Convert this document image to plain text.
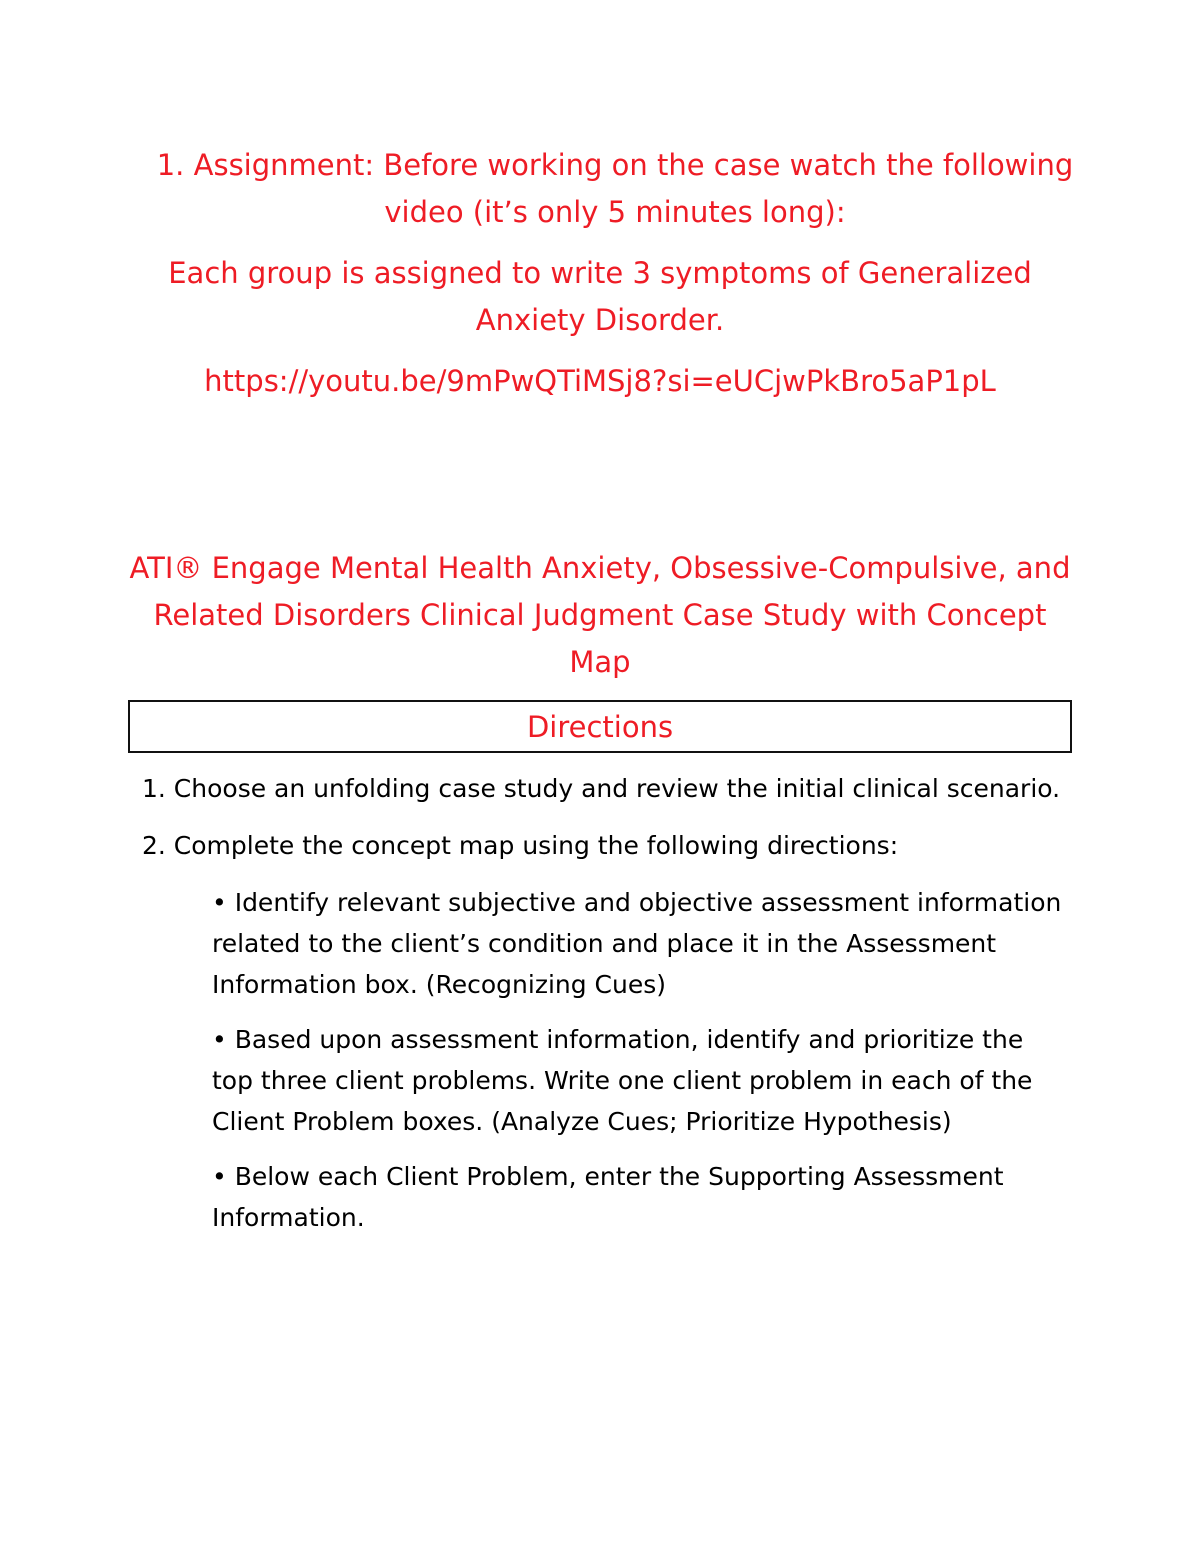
1. Assignment: Before working on the case watch the following video (it’s only 5 minutes long):
Each group is assigned to write 3 symptoms of Generalized Anxiety Disorder.
https://youtu.be/9mPwQTiMSj8?si=eUCjwPkBro5aP1pL
ATI® Engage Mental Health Anxiety, Obsessive-Compulsive, and Related Disorders Clinical Judgment Case Study with Concept Map
Directions

1. Choose an unfolding case study and review the initial clinical scenario.

2. Complete the concept map using the following directions:

• Identify relevant subjective and objective assessment information related to the client’s condition and place it in the Assessment Information box. (Recognizing Cues)

• Based upon assessment information, identify and prioritize the top three client problems. Write one client problem in each of the Client Problem boxes. (Analyze Cues; Prioritize Hypothesis)

• Below each Client Problem, enter the Supporting Assessment Information.
